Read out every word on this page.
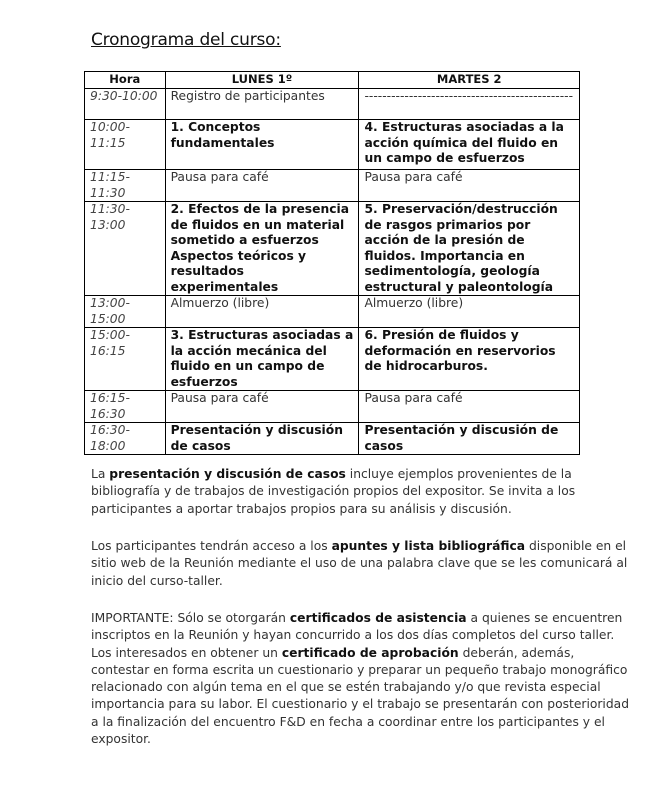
Cronograma del curso:
Hora	LUNES 1º	MARTES 2
9:30-10:00	Registro de participantes	-----------------------------------------------
10:00-11:15	1. Conceptos fundamentales	4. Estructuras asociadas a la acción química del fluido en un campo de esfuerzos
11:15-11:30	Pausa para café	Pausa para café
11:30-13:00	2. Efectos de la presencia de fluidos en un material sometido a esfuerzos Aspectos teóricos y resultados experimentales	5. Preservación/destrucción de rasgos primarios por acción de la presión de fluidos. Importancia en sedimentología, geología estructural y paleontología
13:00-15:00	Almuerzo (libre)	Almuerzo (libre)
15:00-16:15	3. Estructuras asociadas a la acción mecánica del fluido en un campo de esfuerzos	6. Presión de fluidos y deformación en reservorios de hidrocarburos.
16:15-16:30	Pausa para café	Pausa para café
16:30-18:00	Presentación y discusión de casos	Presentación y discusión de casos
La presentación y discusión de casos incluye ejemplos provenientes de la bibliografía y de trabajos de investigación propios del expositor. Se invita a los participantes a aportar trabajos propios para su análisis y discusión.
Los participantes tendrán acceso a los apuntes y lista bibliográfica disponible en el sitio web de la Reunión mediante el uso de una palabra clave que se les comunicará al inicio del curso-taller.
IMPORTANTE: Sólo se otorgarán certificados de asistencia a quienes se encuentren inscriptos en la Reunión y hayan concurrido a los dos días completos del curso taller. Los interesados en obtener un certificado de aprobación deberán, además, contestar en forma escrita un cuestionario y preparar un pequeño trabajo monográfico relacionado con algún tema en el que se estén trabajando y/o que revista especial importancia para su labor. El cuestionario y el trabajo se presentarán con posterioridad a la finalización del encuentro F&D en fecha a coordinar entre los participantes y el expositor.
